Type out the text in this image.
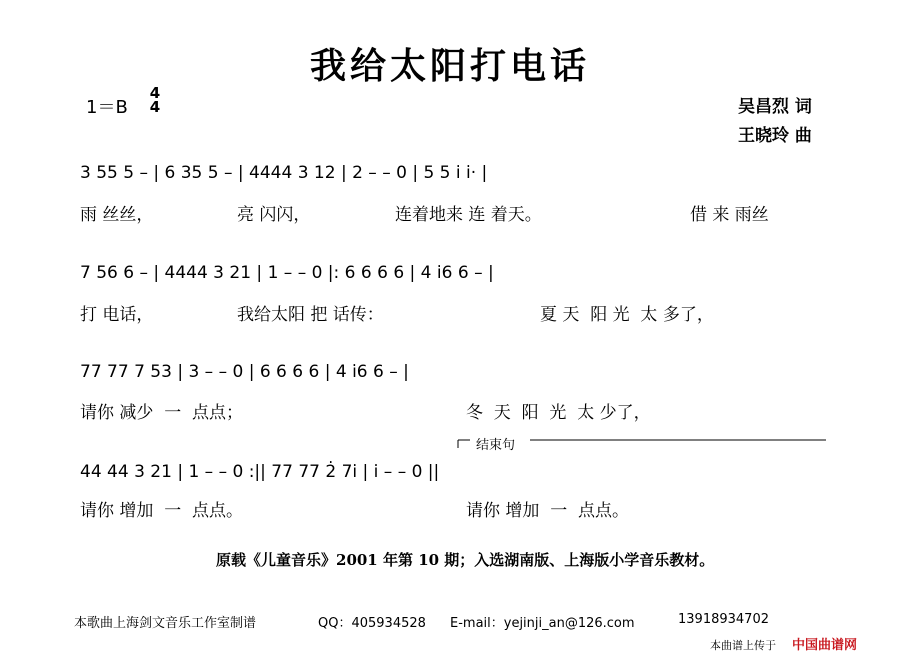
我给太阳打电话
1＝B
4
4	吴昌烈 词
王晓玲 曲
3 55 5 – | 6 35 5 – | 4444 3 12 | 2 – – 0 | 5 5 i̇ i̇· |
雨 丝丝，	亮 闪闪，	连着地来 连 着天。	借 来 雨丝
7 56 6 – | 4444 3 21 | 1 – – 0 |: 6 6 6 6 | 4 i̇6 6 – |
打 电话，	我给太阳 把 话传：	夏 天  阳 光  太 多了，
77 77 7 53 | 3 – – 0 | 6 6 6 6 | 4 i̇6 6 – |
请你 减少  一  点点；	冬  天  阳  光  太 少了，
结束句
44 44 3 21 | 1 – – 0 :|| 77 77 2̇ 7i̇ | i̇ – – 0 ||
请你 增加  一  点点。	请你 增加  一  点点。
原载《儿童音乐》2001 年第 10 期；入选湖南版、上海版小学音乐教材。
本歌曲上海剑文音乐工作室制谱	QQ：405934528 E-mail：yejinji_an@126.com	13918934702
本曲谱上传于 中国曲谱网
